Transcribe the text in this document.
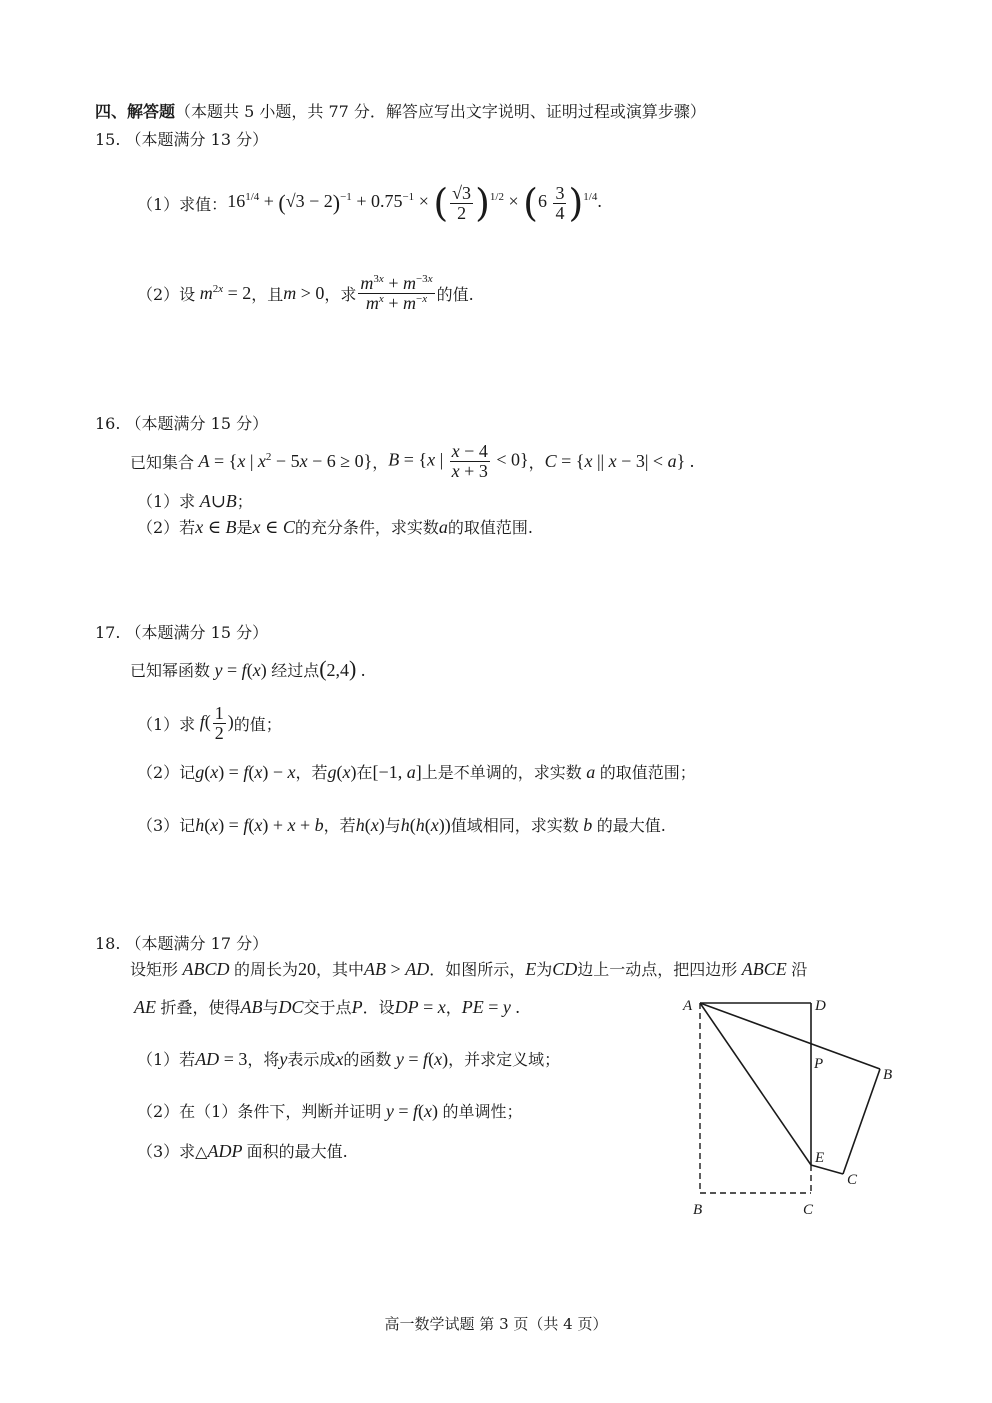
四、解答题（本题共 5 小题，共 77 分．解答应写出文字说明、证明过程或演算步骤）
15. （本题满分 13 分）
（1）求值： $16^{1/4} + (√3 - 2)^{-1} + 0.75^{-1}$ × ( $\frac{√3}{2} )^{1/2} \times (6 \frac{3}{4} )^{1/4}$.
（2）设 $m^{2x} = 2$ ，且 m > 0 ，求 $\frac{m^{3x} + m^{-3x}}{m^x + m^{-x}}$ 的值.
16. （本题满分 15 分）
已知集合 A = {x | $x^2 - 5x - 6 \ge 0$} ， B = {x | $\frac{x - 4}{x + 3} < 0$} ， C = {x || x − 3| < a} .
（1）求 A∪B；
（2）若x ∈ B是x ∈ C的充分条件，求实数a的取值范围.
17. （本题满分 15 分）
已知幂函数 y = f(x) 经过点(2,4) .
（1）求 $f( \frac{1}{2}$ ) 的值；
（2）记g(x) = f(x) − x，若g(x)在[−1, a]上是不单调的，求实数 a 的取值范围；
（3）记h(x) = f(x) + x + b，若h(x)与h(h(x))值域相同，求实数 b 的最大值.
18. （本题满分 17 分）
设矩形 ABCD 的周长为20，其中AB > AD．如图所示，E为CD边上一动点，把四边形 ABCE 沿
AE 折叠，使得AB与DC交于点P．设DP = x，PE = y .
（1）若AD = 3，将y表示成x的函数 y = f(x)，并求定义域；
（2）在（1）条件下，判断并证明 y = f(x) 的单调性；
（3）求△ADP 面积的最大值.
A	D
P
B
E
C
B	C
高一数学试题 第 3 页（共 4 页）
